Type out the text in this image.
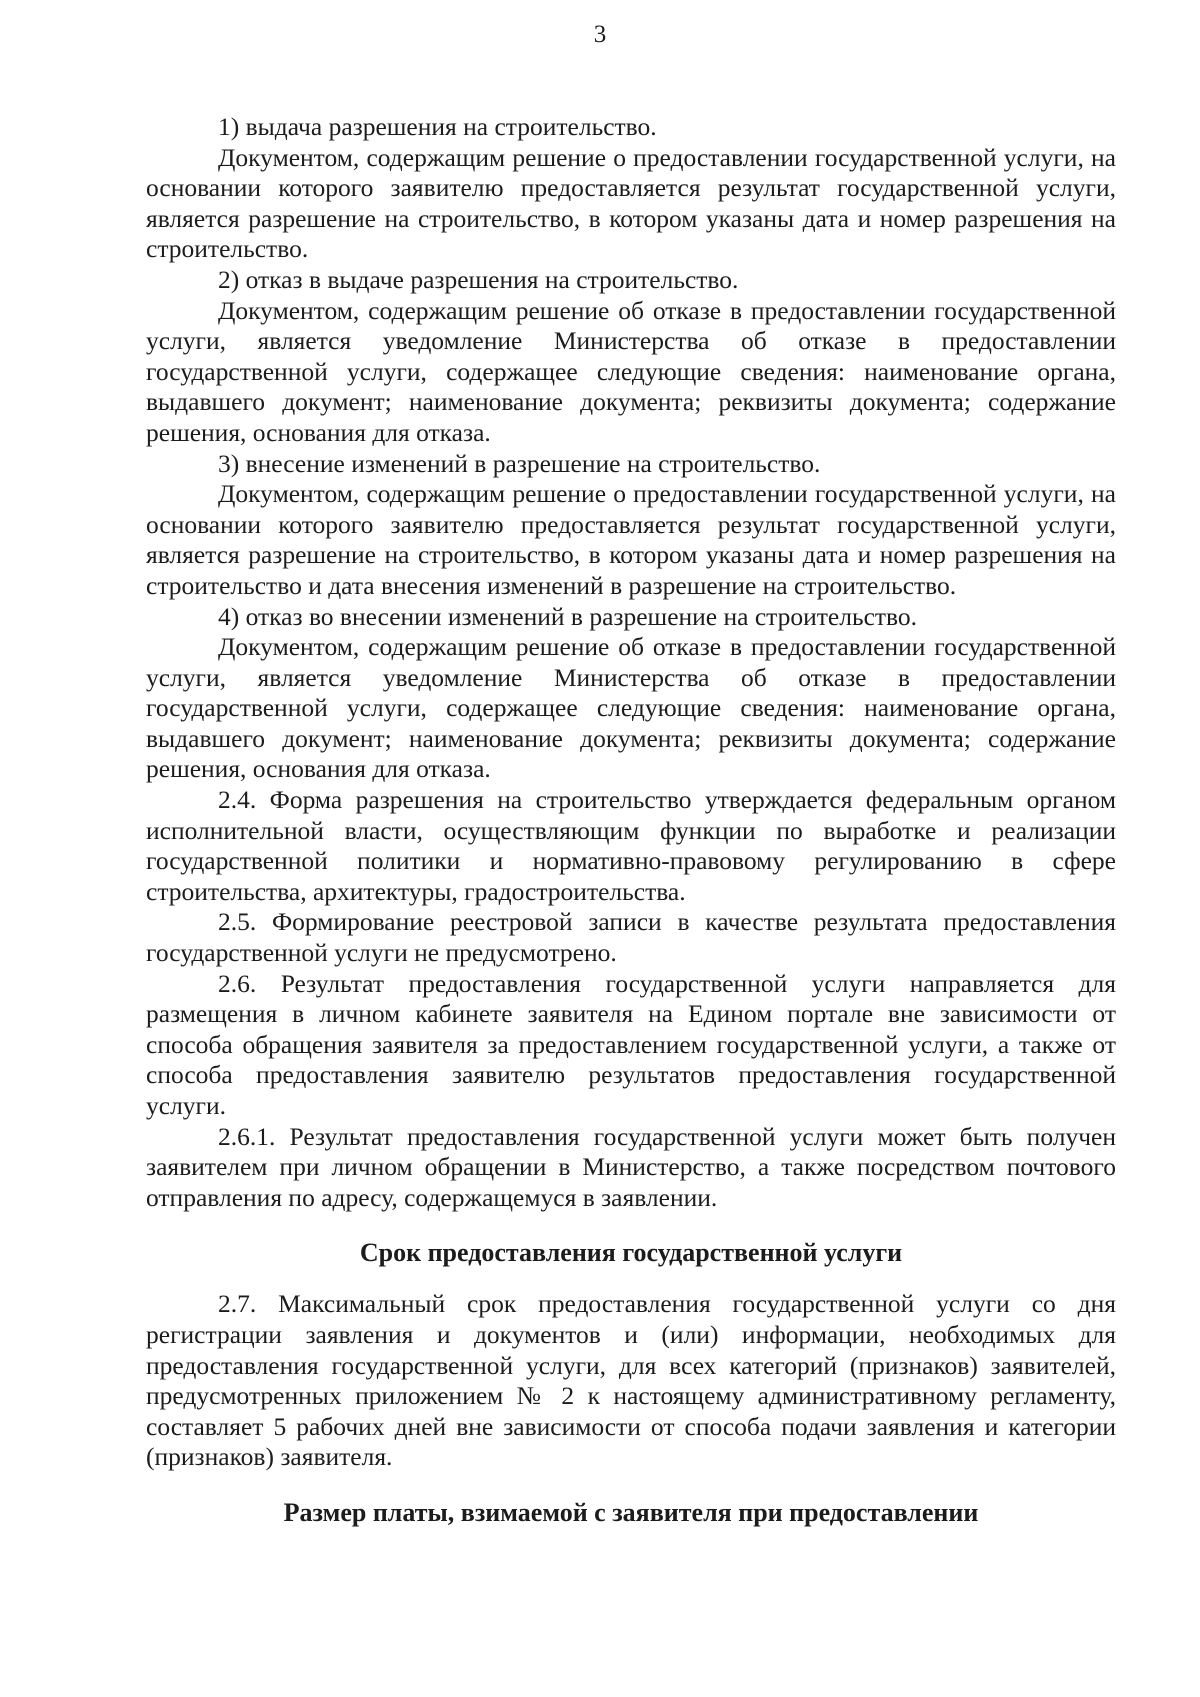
3

1) выдача разрешения на строительство.

Документом, содержащим решение о предоставлении государственной услуги, на основании которого заявителю предоставляется результат государственной услуги, является разрешение на строительство, в котором указаны дата и номер разрешения на строительство.

2) отказ в выдаче разрешения на строительство.

Документом, содержащим решение об отказе в предоставлении государственной услуги, является уведомление Министерства об отказе в предоставлении государственной услуги, содержащее следующие сведения: наименование органа, выдавшего документ; наименование документа; реквизиты документа; содержание решения, основания для отказа.

3) внесение изменений в разрешение на строительство.

Документом, содержащим решение о предоставлении государственной услуги, на основании которого заявителю предоставляется результат государственной услуги, является разрешение на строительство, в котором указаны дата и номер разрешения на строительство и дата внесения изменений в разрешение на строительство.

4) отказ во внесении изменений в разрешение на строительство.

Документом, содержащим решение об отказе в предоставлении государственной услуги, является уведомление Министерства об отказе в предоставлении государственной услуги, содержащее следующие сведения: наименование органа, выдавшего документ; наименование документа; реквизиты документа; содержание решения, основания для отказа.

2.4. Форма разрешения на строительство утверждается федеральным органом исполнительной власти, осуществляющим функции по выработке и реализации государственной политики и нормативно-правовому регулированию в сфере строительства, архитектуры, градостроительства.

2.5. Формирование реестровой записи в качестве результата предоставления государственной услуги не предусмотрено.

2.6. Результат предоставления государственной услуги направляется для размещения в личном кабинете заявителя на Едином портале вне зависимости от способа обращения заявителя за предоставлением государственной услуги, а также от способа предоставления заявителю результатов предоставления государственной услуги.

2.6.1. Результат предоставления государственной услуги может быть получен заявителем при личном обращении в Министерство, а также посредством почтового отправления по адресу, содержащемуся в заявлении.

Срок предоставления государственной услуги

2.7. Максимальный срок предоставления государственной услуги со дня регистрации заявления и документов и (или) информации, необходимых для предоставления государственной услуги, для всех категорий (признаков) заявителей, предусмотренных приложением № 2 к настоящему административному регламенту, составляет 5 рабочих дней вне зависимости от способа подачи заявления и категории (признаков) заявителя.

Размер платы, взимаемой с заявителя при предоставлении
